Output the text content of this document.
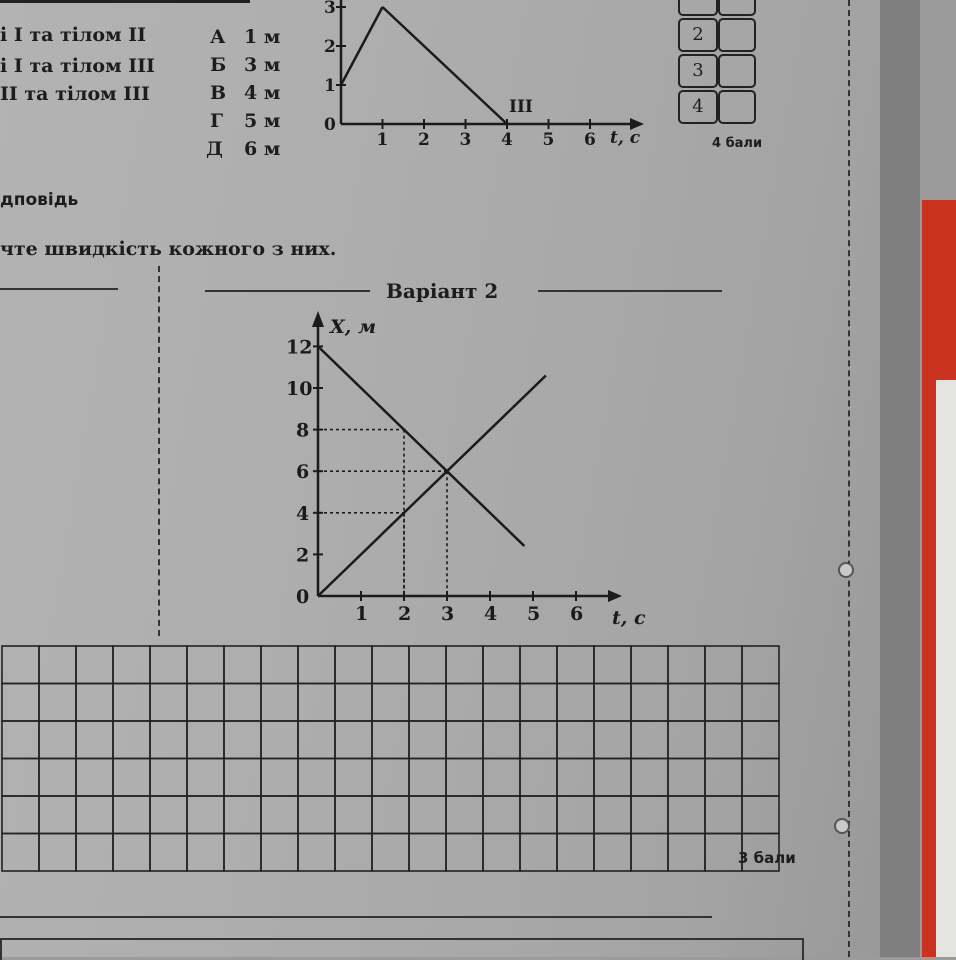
і I та тілом II
і I та тілом III
II та тілом III
А 1 м
Б 3 м
В 4 м
Г 5 м
Д 6 м
дповідь
чте швидкість кожного з них.
2
3
4
4 бали
Варіант 2
1 2 3 4 5 6
0
1
2
3
III
t, с
1 2 3 4 5 6
0
2
4
6
8
10
12
X, м
t, с
3 бали
